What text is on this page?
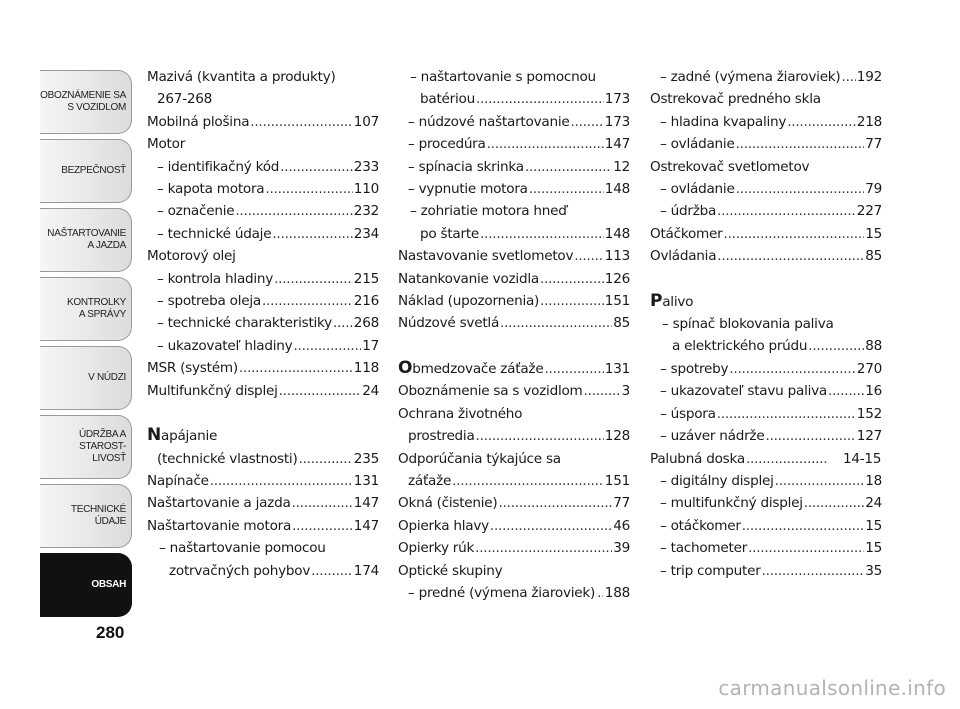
OBOZNÁMENIE SA
S VOZIDLOM
BEZPEČNOSŤ
NAŠTARTOVANIE
A JAZDA
KONTROLKY
A SPRÁVY
V NÚDZI
ÚDRŽBA A STAROST-
LIVOSŤ
TECHNICKÉ
ÚDAJE
OBSAH
280
Mazivá (kvantita a produkty)
267-268
Mobilná plošina .....	107
Motor
– identifikačný kód .....	233
– kapota motora .....	110
– označenie .....	232
– technické údaje .....	234
Motorový olej
– kontrola hladiny .....	215
– spotreba oleja .....	216
– technické charakteristiky ..... 268
– ukazovateľ hladiny .....	17
MSR (systém) .....	118
Multifunkčný displej .....	24
Napájanie
(technické vlastnosti) .....	235
Napínače .....	131
Naštartovanie a jazda .....	147
Naštartovanie motora .....	147
– naštartovanie pomocou
zotrvačných pohybov .....	174
– naštartovanie s pomocnou
batériou .....	173
– núdzové naštartovanie .....	173
– procedúra .....	147
– spínacia skrinka .....	12
– vypnutie motora .....	148
– zohriatie motora hneď
po štarte .....	148
Nastavovanie svetlometov ..... 113
Natankovanie vozidla .....	126
Náklad (upozornenia) .....	151
Núdzové svetlá .....	85
Obmedzovače záťaže .....	131
Oboznámenie sa s vozidlom .....	3
Ochrana životného
prostredia .....	128
Odporúčania týkajúce sa
záťaže .....	151
Okná (čistenie) .....	77
Opierka hlavy .....	46
Opierky rúk .....	39
Optické skupiny
– predné (výmena žiaroviek) ..... 188
– zadné (výmena žiaroviek) ..... 192
Ostrekovač predného skla
– hladina kvapaliny .....	218
– ovládanie .....	77
Ostrekovač svetlometov
– ovládanie .....	79
– údržba .....	227
Otáčkomer .....	15
Ovládania .....	85
Palivo
– spínač blokovania paliva
a elektrického prúdu .....	88
– spotreby .....	270
– ukazovateľ stavu paliva .....	16
– úspora .....	152
– uzáver nádrže .....	127
Palubná doska .....	14-15
– digitálny displej .....	18
– multifunkčný displej .....	24
– otáčkomer .....	15
– tachometer .....	15
– trip computer .....	35
carmanualsonline.info
